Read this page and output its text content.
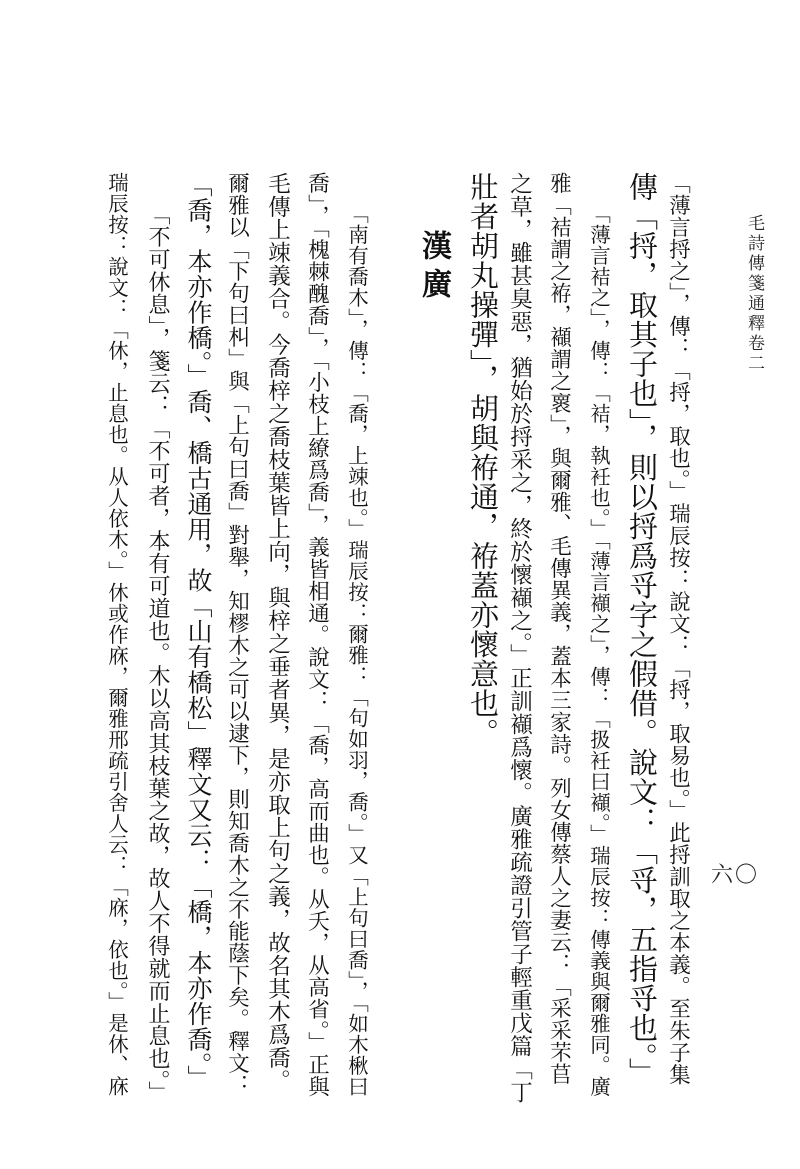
毛詩傳箋通釋卷二
六〇
「薄言捋之」，傳：「捋，取也。」瑞辰按：說文：「捋，取易也。」此捋訓取之本義。至朱子集
傳「捋，取其子也」，則以捋爲寽字之假借。說文：「寽，五指寽也。」
「薄言袺之」，傳：「袺，執衽也。」「薄言襭之」，傳：「扱衽曰襭。」瑞辰按：傳義與爾雅同。廣
雅「袺謂之袸，襭謂之褱」，與爾雅、毛傳異義，蓋本三家詩。列女傳蔡人之妻云：「采采芣苢
之草，雖甚臭惡，猶始於捋采之，終於懷襭之。」正訓襭爲懷。廣雅疏證引管子輕重戊篇「丁
壯者胡丸操彈」，胡與袸通，袸蓋亦懷意也。
漢廣
「南有喬木」，傳：「喬，上竦也。」瑞辰按：爾雅：「句如羽，喬。」又「上句曰喬」，「如木楸曰
喬」，「槐棘醜喬」，「小枝上繚爲喬」，義皆相通。說文：「喬，高而曲也。从夭，从高省。」正與
毛傳上竦義合。今喬梓之喬枝葉皆上向，與梓之垂者異，是亦取上句之義，故名其木爲喬。
爾雅以「下句曰朻」與「上句曰喬」對舉，知樛木之可以逮下，則知喬木之不能蔭下矣。釋文：
「喬，本亦作橋。」喬、橋古通用，故「山有橋松」釋文又云：「橋，本亦作喬。」
「不可休息」，箋云：「不可者，本有可道也。木以高其枝葉之故，故人不得就而止息也。」
瑞辰按：說文：「休，止息也。从人依木。」休或作庥，爾雅邢疏引舍人云：「庥，依也。」是休、庥
